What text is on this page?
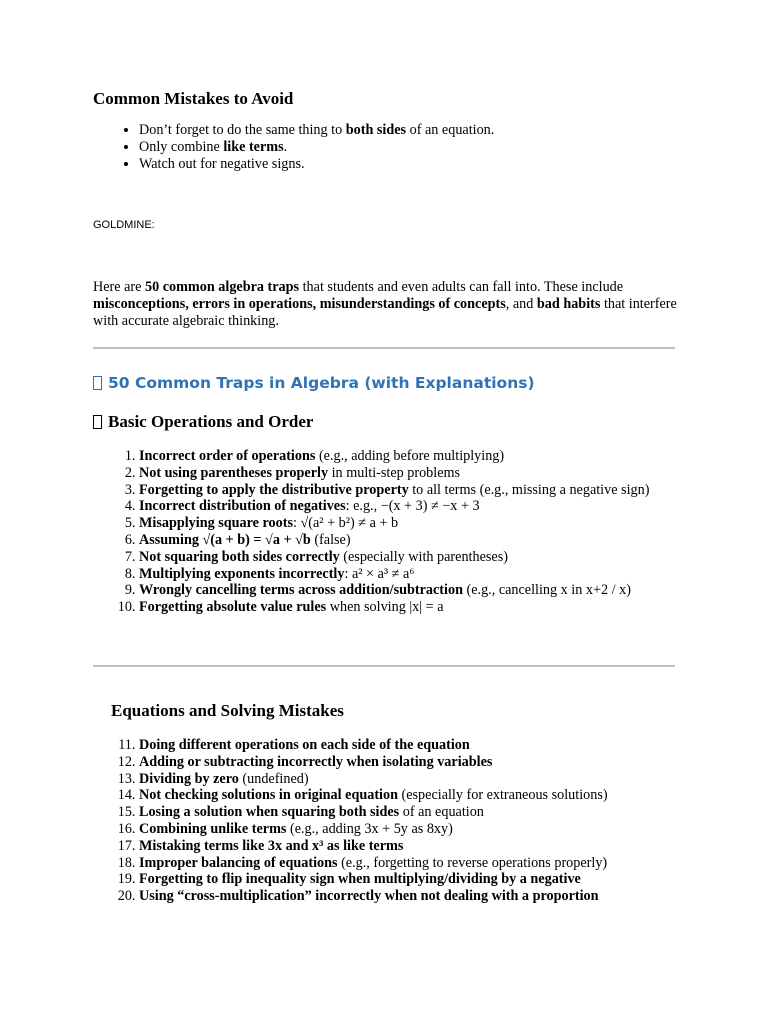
Common Mistakes to Avoid
• Don’t forget to do the same thing to both sides of an equation.
• Only combine like terms.
• Watch out for negative signs.
GOLDMINE:

Here are 50 common algebra traps that students and even adults can fall into. These include misconceptions, errors in operations, misunderstandings of concepts, and bad habits that interfere with accurate algebraic thinking.

50 Common Traps in Algebra (with Explanations)
Basic Operations and Order
1. Incorrect order of operations (e.g., adding before multiplying)
2. Not using parentheses properly in multi-step problems
3. Forgetting to apply the distributive property to all terms (e.g., missing a negative sign)
4. Incorrect distribution of negatives: e.g., −(x + 3) ≠ −x + 3
5. Misapplying square roots: √(a² + b²) ≠ a + b
6. Assuming √(a + b) = √a + √b (false)
7. Not squaring both sides correctly (especially with parentheses)
8. Multiplying exponents incorrectly: a² × a³ ≠ a⁶
9. Wrongly cancelling terms across addition/subtraction (e.g., cancelling x in x+2 / x)
10. Forgetting absolute value rules when solving |x| = a
Equations and Solving Mistakes
11. Doing different operations on each side of the equation
12. Adding or subtracting incorrectly when isolating variables
13. Dividing by zero (undefined)
14. Not checking solutions in original equation (especially for extraneous solutions)
15. Losing a solution when squaring both sides of an equation
16. Combining unlike terms (e.g., adding 3x + 5y as 8xy)
17. Mistaking terms like 3x and x³ as like terms
18. Improper balancing of equations (e.g., forgetting to reverse operations properly)
19. Forgetting to flip inequality sign when multiplying/dividing by a negative
20. Using “cross-multiplication” incorrectly when not dealing with a proportion
